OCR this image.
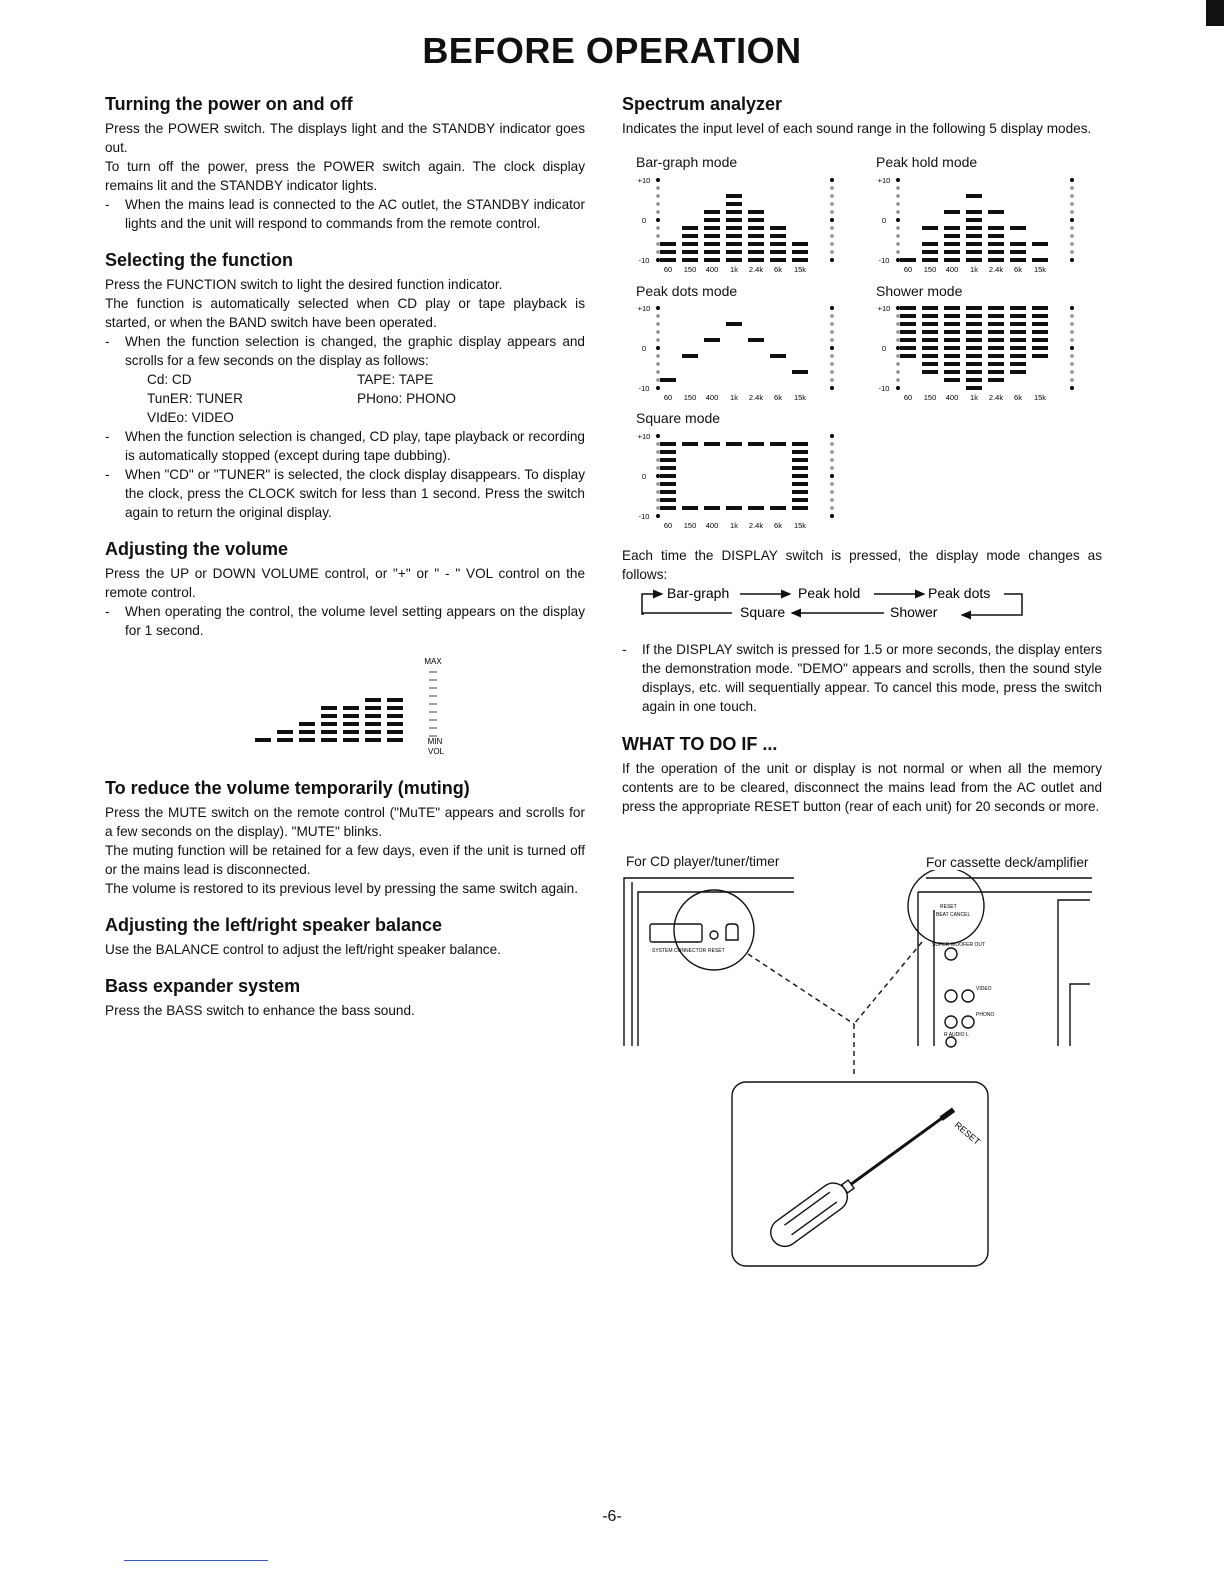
BEFORE OPERATION
Turning the power on and off

Press the POWER switch. The displays light and the STANDBY indicator goes out.

To turn off the power, press the POWER switch again. The clock display remains lit and the STANDBY indicator lights.

- When the mains lead is connected to the AC outlet, the STANDBY indicator lights and the unit will respond to commands from the remote control.

Selecting the function

Press the FUNCTION switch to light the desired function indicator.

The function is automatically selected when CD play or tape playback is started, or when the BAND switch have been operated.

- When the function selection is changed, the graphic display appears and scrolls for a few seconds on the display as follows:

Cd: CD	TAPE: TAPE
TunER: TUNER	PHono: PHONO
VIdEo: VIDEO

- When the function selection is changed, CD play, tape playback or recording is automatically stopped (except during tape dubbing).

- When "CD" or "TUNER" is selected, the clock display disappears. To display the clock, press the CLOCK switch for less than 1 second. Press the switch again to return the original display.

Adjusting the volume

Press the UP or DOWN VOLUME control, or "+" or " - " VOL control on the remote control.

- When operating the control, the volume level setting appears on the display for 1 second.

MAX
MIN
VOL
To reduce the volume temporarily (muting)

Press the MUTE switch on the remote control ("MuTE" appears and scrolls for a few seconds on the display). "MUTE" blinks.

The muting function will be retained for a few days, even if the unit is turned off or the mains lead is disconnected.

The volume is restored to its previous level by pressing the same switch again.

Adjusting the left/right speaker balance

Use the BALANCE control to adjust the left/right speaker balance.

Bass expander system

Press the BASS switch to enhance the bass sound.

Spectrum analyzer

Indicates the input level of each sound range in the following 5 display modes.

Bar-graph mode	Peak hold mode
Peak dots mode	Shower mode
Square mode
+10
0
-10
60 150 400 1k 2.4k 6k 15k
+10
0
-10
60 150 400 1k 2.4k 6k 15k
+10
0
-10
60 150 400 1k 2.4k 6k 15k
+10
0
-10
60 150 400 1k 2.4k 6k 15k
+10
0
-10
60 150 400 1k 2.4k 6k 15k

Each time the DISPLAY switch is pressed, the display mode changes as follows:

Bar-graph	Peak hold	Peak dots
Shower
Square

- If the DISPLAY switch is pressed for 1.5 or more seconds, the display enters the demonstration mode. "DEMO" appears and scrolls, then the sound style displays, etc. will sequentially appear. To cancel this mode, press the switch again in one touch.

WHAT TO DO IF ...

If the operation of the unit or display is not normal or when all the memory contents are to be cleared, disconnect the mains lead from the AC outlet and press the appropriate RESET button (rear of each unit) for 20 seconds or more.

For CD player/tuner/timer	For cassette deck/amplifier
SYSTEM CONNECTOR RESET
RESET
BEAT CANCEL
SUPER WOOFER OUT
VIDEO
PHONO
R AUDIO L
RESET
-6-
